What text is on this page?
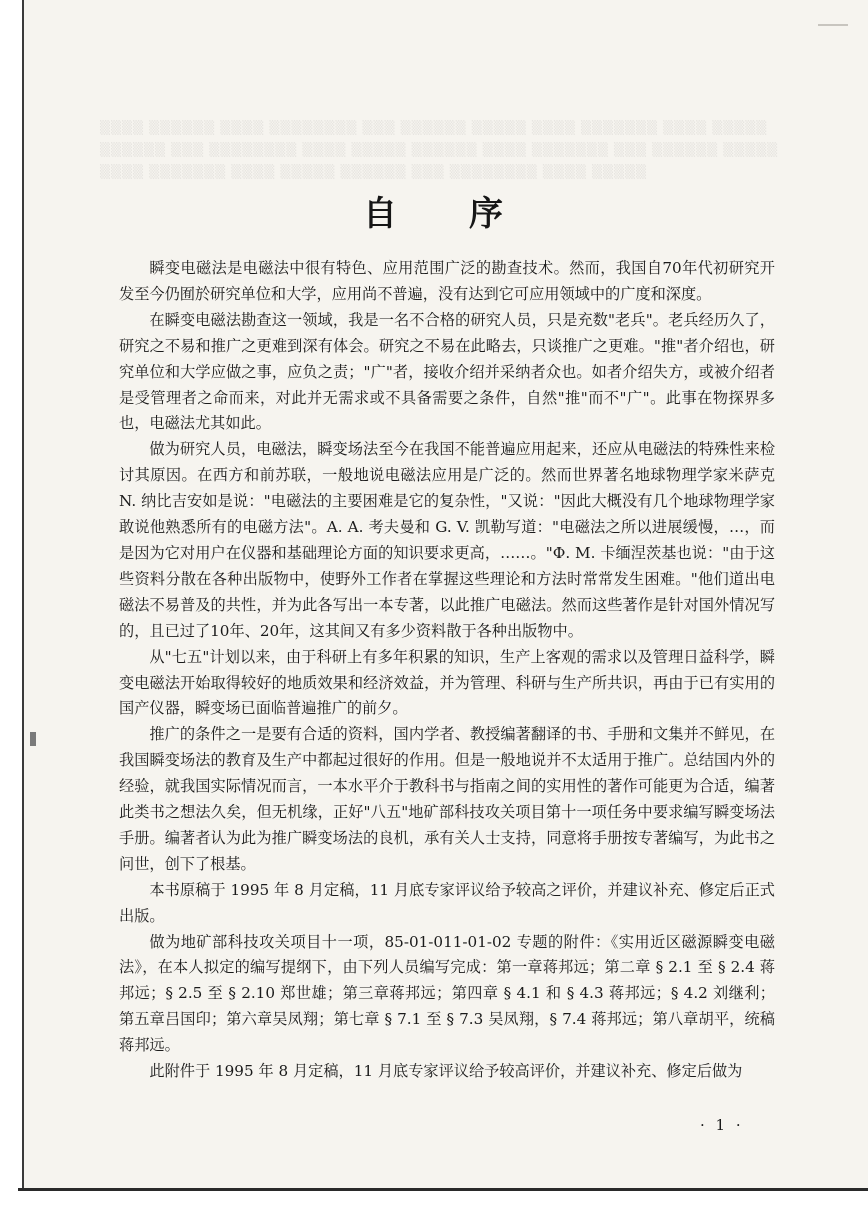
▒▒▒▒ ▒▒▒▒▒▒ ▒▒▒▒ ▒▒▒▒▒▒▒▒ ▒▒▒ ▒▒▒▒▒▒ ▒▒▒▒▒ ▒▒▒▒ ▒▒▒▒▒▒▒ ▒▒▒▒ ▒▒▒▒▒ ▒▒▒▒▒▒ ▒▒▒ ▒▒▒▒▒▒▒▒ ▒▒▒▒ ▒▒▒▒▒ ▒▒▒▒▒▒ ▒▒▒▒ ▒▒▒▒▒▒▒ ▒▒▒ ▒▒▒▒▒▒ ▒▒▒▒▒ ▒▒▒▒ ▒▒▒▒▒▒▒ ▒▒▒▒ ▒▒▒▒▒ ▒▒▒▒▒▒ ▒▒▒ ▒▒▒▒▒▒▒▒ ▒▒▒▒ ▒▒▒▒▒
自 序

瞬变电磁法是电磁法中很有特色、应用范围广泛的勘查技术。然而，我国自70年代初研究开发至今仍囿於研究单位和大学，应用尚不普遍，没有达到它可应用领域中的广度和深度。

在瞬变电磁法勘查这一领域，我是一名不合格的研究人员，只是充数"老兵"。老兵经历久了，研究之不易和推广之更难到深有体会。研究之不易在此略去，只谈推广之更难。"推"者介绍也，研究单位和大学应做之事，应负之责；"广"者，接收介绍并采纳者众也。如者介绍失方，或被介绍者是受管理者之命而来，对此并无需求或不具备需要之条件，自然"推"而不"广"。此事在物探界多也，电磁法尤其如此。

做为研究人员，电磁法，瞬变场法至今在我国不能普遍应用起来，还应从电磁法的特殊性来检讨其原因。在西方和前苏联，一般地说电磁法应用是广泛的。然而世界著名地球物理学家米萨克 N. 纳比吉安如是说："电磁法的主要困难是它的复杂性，"又说："因此大概没有几个地球物理学家敢说他熟悉所有的电磁方法"。A. A. 考夫曼和 G. V. 凯勒写道："电磁法之所以进展缓慢，…，而是因为它对用户在仪器和基础理论方面的知识要求更高，……。"Ф. М. 卡缅涅茨基也说："由于这些资料分散在各种出版物中，使野外工作者在掌握这些理论和方法时常常发生困难。"他们道出电磁法不易普及的共性，并为此各写出一本专著，以此推广电磁法。然而这些著作是针对国外情况写的，且已过了10年、20年，这其间又有多少资料散于各种出版物中。

从"七五"计划以来，由于科研上有多年积累的知识，生产上客观的需求以及管理日益科学，瞬变电磁法开始取得较好的地质效果和经济效益，并为管理、科研与生产所共识，再由于已有实用的国产仪器，瞬变场已面临普遍推广的前夕。

推广的条件之一是要有合适的资料，国内学者、教授编著翻译的书、手册和文集并不鲜见，在我国瞬变场法的教育及生产中都起过很好的作用。但是一般地说并不太适用于推广。总结国内外的经验，就我国实际情况而言，一本水平介于教科书与指南之间的实用性的著作可能更为合适，编著此类书之想法久矣，但无机缘，正好"八五"地矿部科技攻关项目第十一项任务中要求编写瞬变场法手册。编著者认为此为推广瞬变场法的良机，承有关人士支持，同意将手册按专著编写，为此书之问世，创下了根基。

本书原稿于 1995 年 8 月定稿，11 月底专家评议给予较高之评价，并建议补充、修定后正式出版。

做为地矿部科技攻关项目十一项，85-01-011-01-02 专题的附件：《实用近区磁源瞬变电磁法》，在本人拟定的编写提纲下，由下列人员编写完成：第一章蒋邦远；第二章 § 2.1 至 § 2.4 蒋邦远；§ 2.5 至 § 2.10 郑世雄；第三章蒋邦远；第四章 § 4.1 和 § 4.3 蒋邦远；§ 4.2 刘继利；第五章吕国印；第六章吴凤翔；第七章 § 7.1 至 § 7.3 吴凤翔，§ 7.4 蒋邦远；第八章胡平，统稿蒋邦远。

此附件于 1995 年 8 月定稿，11 月底专家评议给予较高评价，并建议补充、修定后做为

· 1 ·
